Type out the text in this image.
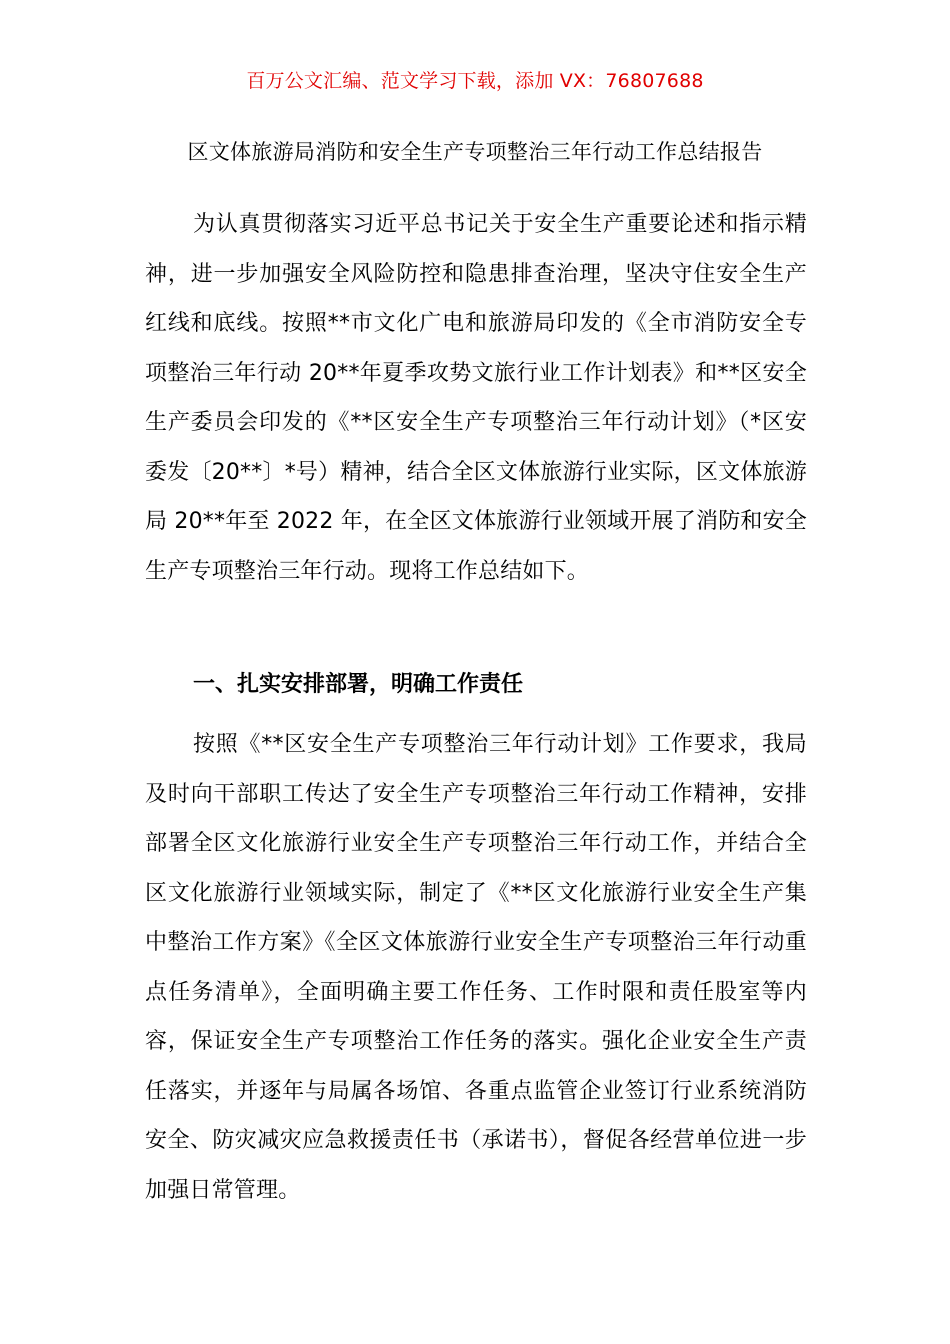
百万公文汇编、范文学习下载，添加 VX：76807688
区文体旅游局消防和安全生产专项整治三年行动工作总结报告
为认真贯彻落实习近平总书记关于安全生产重要论述和指示精神，进一步加强安全风险防控和隐患排查治理，坚决守住安全生产红线和底线。按照**市文化广电和旅游局印发的《全市消防安全专项整治三年行动 20**年夏季攻势文旅行业工作计划表》和**区安全生产委员会印发的《**区安全生产专项整治三年行动计划》（*区安委发〔20**〕*号）精神，结合全区文体旅游行业实际，区文体旅游局 20**年至 2022 年，在全区文体旅游行业领域开展了消防和安全生产专项整治三年行动。现将工作总结如下。
一、扎实安排部署，明确工作责任
按照《**区安全生产专项整治三年行动计划》工作要求，我局及时向干部职工传达了安全生产专项整治三年行动工作精神，安排部署全区文化旅游行业安全生产专项整治三年行动工作，并结合全区文化旅游行业领域实际，制定了《**区文化旅游行业安全生产集中整治工作方案》《全区文体旅游行业安全生产专项整治三年行动重点任务清单》，全面明确主要工作任务、工作时限和责任股室等内容，保证安全生产专项整治工作任务的落实。强化企业安全生产责任落实，并逐年与局属各场馆、各重点监管企业签订行业系统消防安全、防灾减灾应急救援责任书（承诺书），督促各经营单位进一步加强日常管理。
